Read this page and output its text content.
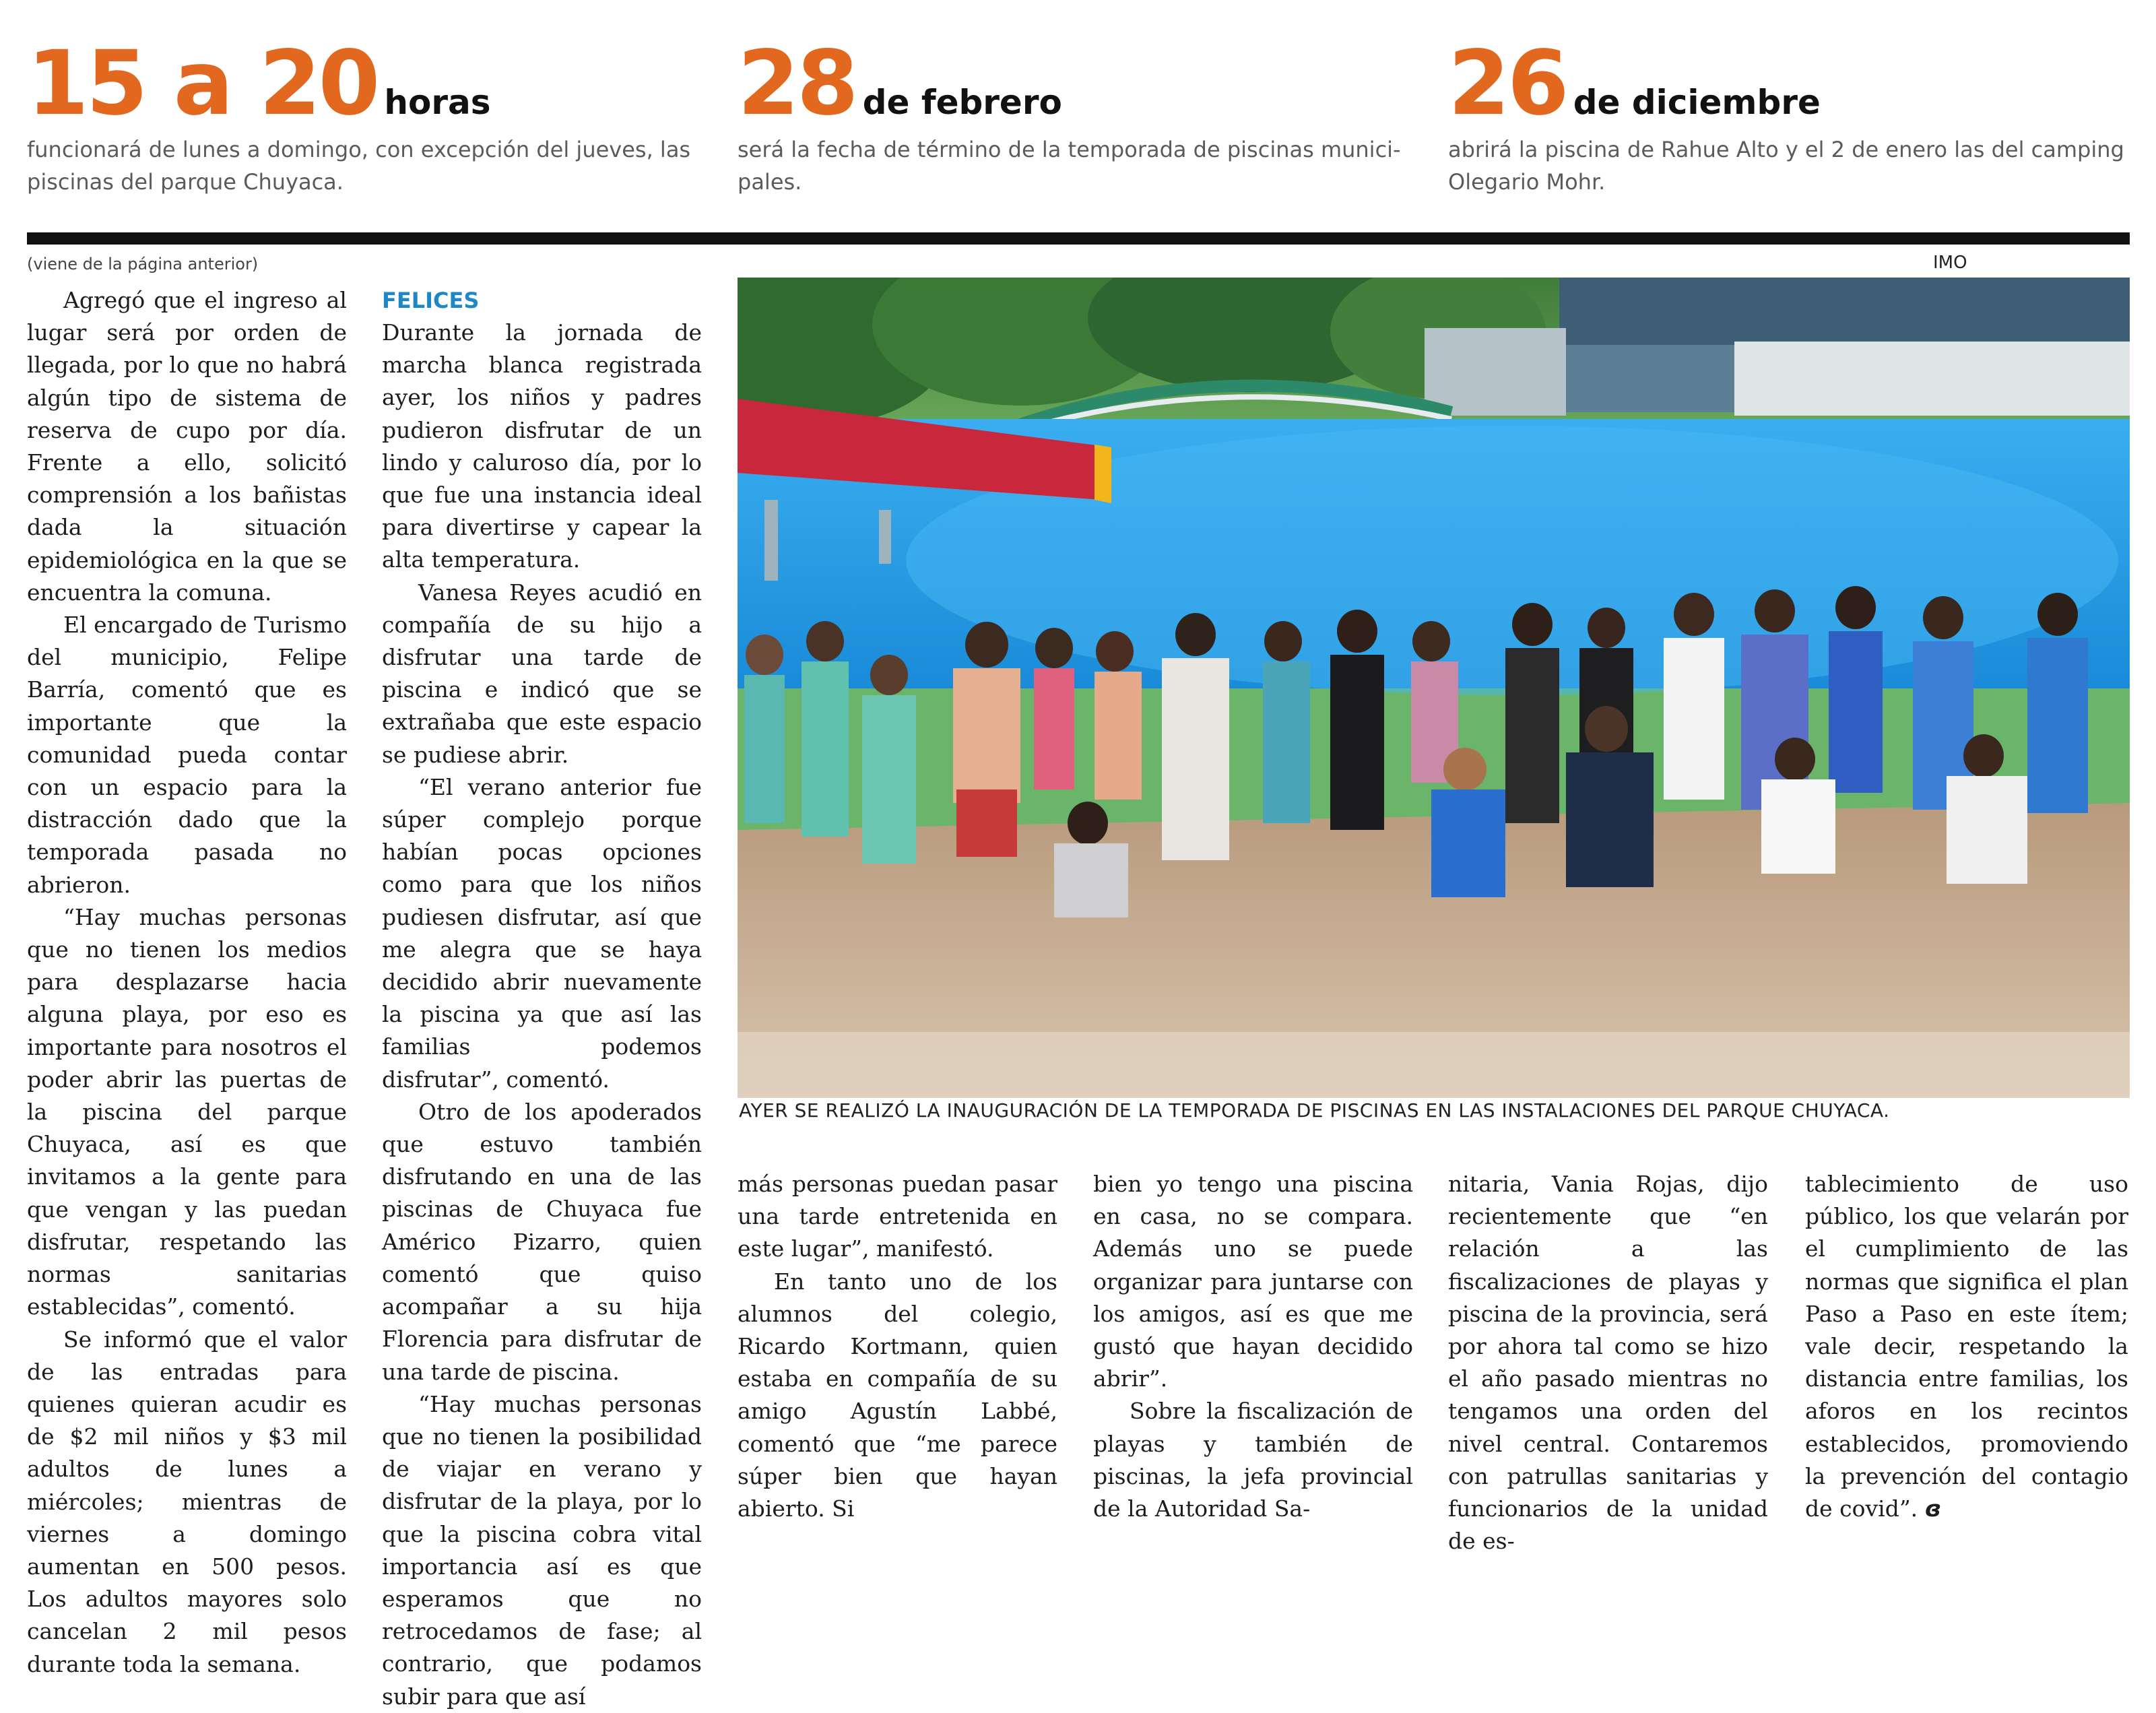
15 a 20 horas
funcionará de lunes a domingo, con excepción del jueves, las piscinas del parque Chuyaca.
28 de febrero
será la fecha de término de la temporada de piscinas munici-pales.
26 de diciembre
abrirá la piscina de Rahue Alto y el 2 de enero las del camping Olegario Mohr.
(viene de la página anterior)	IMO

Agregó que el ingreso al lugar será por orden de llegada, por lo que no habrá algún tipo de sistema de reserva de cupo por día. Frente a ello, solicitó comprensión a los bañistas dada la situación epidemiológica en la que se encuentra la comuna.

El encargado de Turismo del municipio, Felipe Barría, comentó que es importante que la comunidad pueda contar con un espacio para la distracción dado que la temporada pasada no abrieron.

“Hay muchas personas que no tienen los medios para desplazarse hacia alguna playa, por eso es importante para nosotros el poder abrir las puertas de la piscina del parque Chuyaca, así es que invitamos a la gente para que vengan y las puedan disfrutar, respetando las normas sanitarias establecidas”, comentó.

Se informó que el valor de las entradas para quienes quieran acudir es de $2 mil niños y $3 mil adultos de lunes a miércoles; mientras de viernes a domingo aumentan en 500 pesos. Los adultos mayores solo cancelan 2 mil pesos durante toda la semana.

FELICES

Durante la jornada de marcha blanca registrada ayer, los niños y padres pudieron disfrutar de un lindo y caluroso día, por lo que fue una instancia ideal para divertirse y capear la alta temperatura.

Vanesa Reyes acudió en compañía de su hijo a disfrutar una tarde de piscina e indicó que se extrañaba que este espacio se pudiese abrir.

“El verano anterior fue súper complejo porque habían pocas opciones como para que los niños pudiesen disfrutar, así que me alegra que se haya decidido abrir nuevamente la piscina ya que así las familias podemos disfrutar”, comentó.

Otro de los apoderados que estuvo también disfrutando en una de las piscinas de Chuyaca fue Américo Pizarro, quien comentó que quiso acompañar a su hija Florencia para disfrutar de una tarde de piscina.

“Hay muchas personas que no tienen la posibilidad de viajar en verano y disfrutar de la playa, por lo que la piscina cobra vital importancia así es que esperamos que no retrocedamos de fase; al contrario, que podamos subir para que así

AYER SE REALIZÓ LA INAUGURACIÓN DE LA TEMPORADA DE PISCINAS EN LAS INSTALACIONES DEL PARQUE CHUYACA.

más personas puedan pasar una tarde entretenida en este lugar”, manifestó.

En tanto uno de los alumnos del colegio, Ricardo Kortmann, quien estaba en compañía de su amigo Agustín Labbé, comentó que “me parece súper bien que hayan abierto. Si

bien yo tengo una piscina en casa, no se compara. Además uno se puede organizar para juntarse con los amigos, así es que me gustó que hayan decidido abrir”.

Sobre la fiscalización de playas y también de piscinas, la jefa provincial de la Autoridad Sa-

nitaria, Vania Rojas, dijo recientemente que “en relación a las fiscalizaciones de playas y piscina de la provincia, será por ahora tal como se hizo el año pasado mientras no tengamos una orden del nivel central. Contaremos con patrullas sanitarias y funcionarios de la unidad de es-

tablecimiento de uso público, los que velarán por el cumplimiento de las normas que significa el plan Paso a Paso en este ítem; vale decir, respetando la distancia entre familias, los aforos en los recintos establecidos, promoviendo la prevención del contagio de covid”. ɞ
